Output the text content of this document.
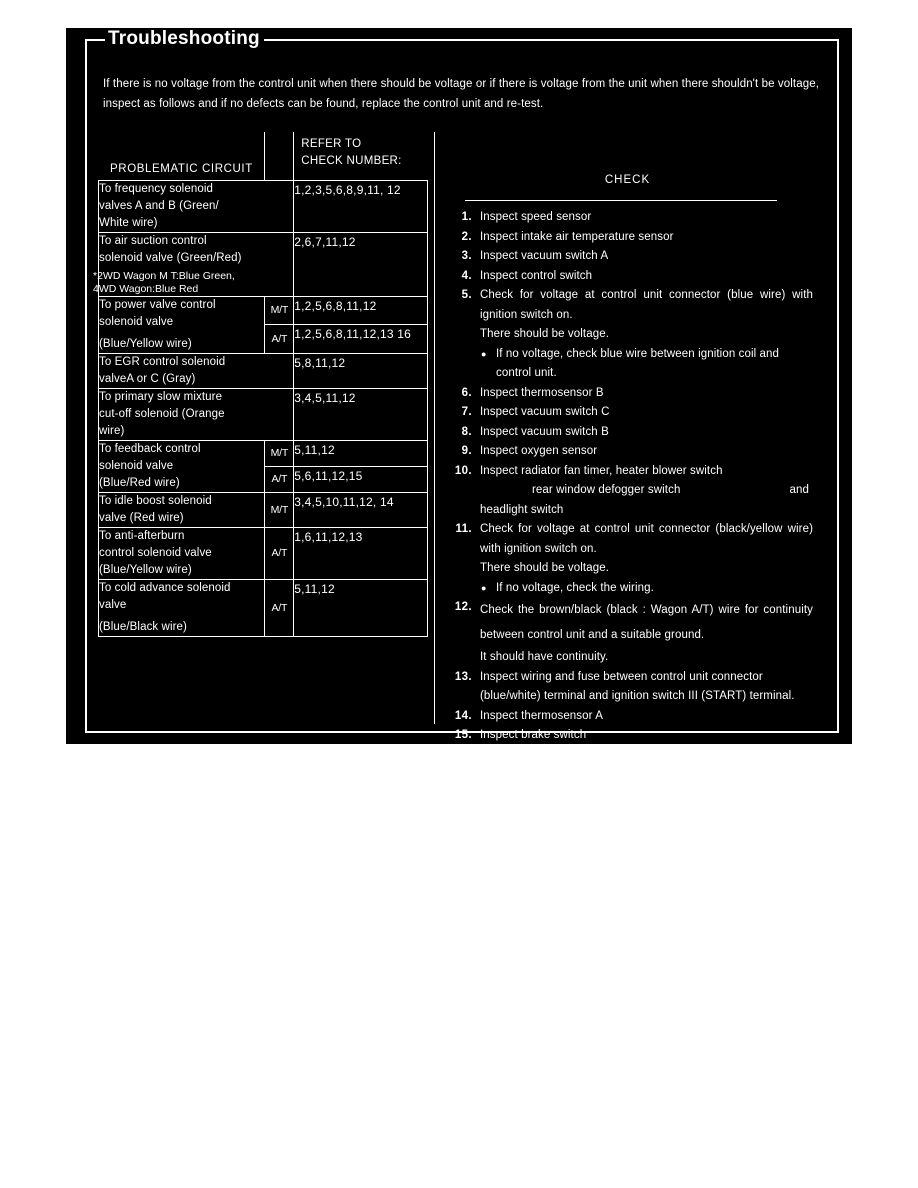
Troubleshooting
If there is no voltage from the control unit when there should be voltage or if there is voltage from the unit when there shouldn't be voltage, inspect as follows and if no defects can be found, replace the control unit and re-test.
PROBLEMATIC CIRCUIT		REFER TO
CHECK NUMBER:
To frequency solenoid
valves A and B (Green/
White wire)		1,2,3,5,6,8,9,11, 12
To air suction control
solenoid valve (Green/Red)
*2WD Wagon M T:Blue Green,
4WD Wagon:Blue Red		2,6,7,11,12
To power valve control
solenoid valve
(Blue/Yellow wire)	M/T	1,2,5,6,8,11,12
	A/T	1,2,5,6,8,11,12,13 16
To EGR control solenoid
valveA or C (Gray)		5,8,11,12
To primary slow mixture
cut-off solenoid (Orange
wire)		3,4,5,11,12
To feedback control
solenoid valve
(Blue/Red wire)	M/T	5,11,12
	A/T	5,6,11,12,15
To idle boost solenoid
valve (Red wire)	M/T	3,4,5,10,11,12, 14
To anti-afterburn
control solenoid valve
(Blue/Yellow wire)	A/T	1,6,11,12,13
To cold advance solenoid
valve
(Blue/Black wire)	A/T	5,11,12
CHECK
1. Inspect speed sensor
2. Inspect intake air temperature sensor
3. Inspect vacuum switch A
4. Inspect control switch
5. Check for voltage at control unit connector (blue wire) with ignition switch on.
There should be voltage.
● If no voltage, check blue wire between ignition coil and control unit.
6. Inspect thermosensor B
7. Inspect vacuum switch C
8. Inspect vacuum switch B
9. Inspect oxygen sensor
10. Inspect radiator fan timer, heater blower switch
rear window defogger switch	and
headlight switch
11. Check for voltage at control unit connector (black/yellow wire) with ignition switch on.
There should be voltage.
● If no voltage, check the wiring.
12. Check the brown/black (black : Wagon A/T) wire for continuity between control unit and a suitable ground.
It should have continuity.
13. Inspect wiring and fuse between control unit connector (blue/white) terminal and ignition switch III (START) terminal.
14. Inspect thermosensor A
15. Inspect brake switch
16. Inspect shift lever position switch
